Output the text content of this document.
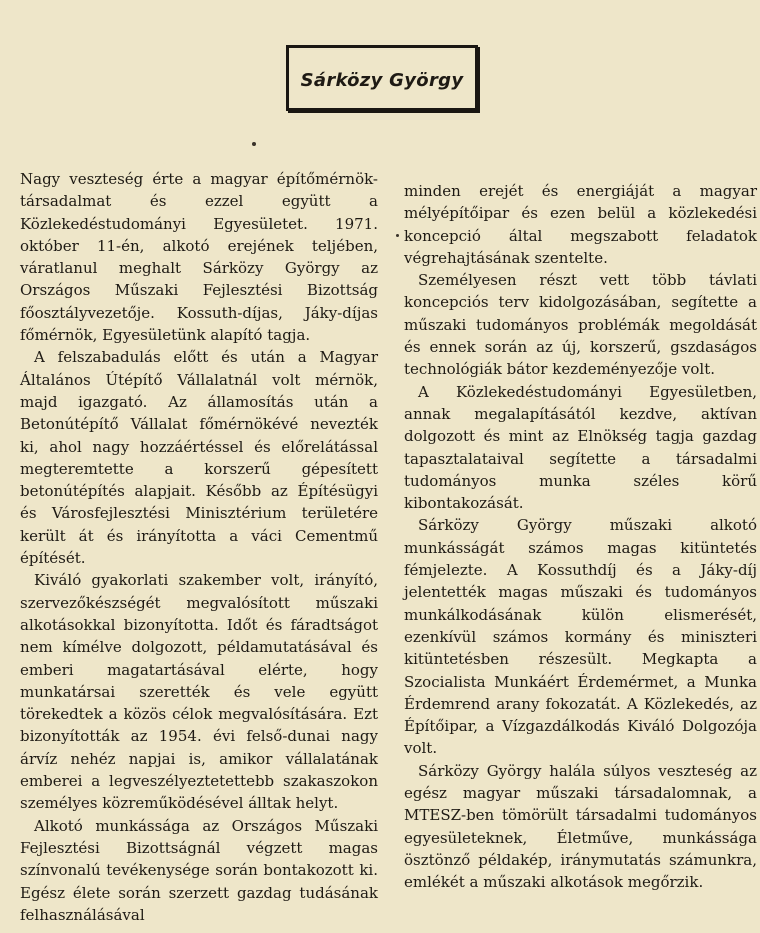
Sárközy György

Nagy veszteség érte a magyar építőmérnök-társadalmat és ezzel együtt a Közlekedéstudományi Egyesületet. 1971. október 11-én, alkotó erejének teljében, váratlanul meghalt Sárközy György az Országos Műszaki Fejlesztési Bizottság főosztályvezetője. Kossuth-díjas, Jáky-díjas főmérnök, Egyesületünk alapító tagja.

A felszabadulás előtt és után a Magyar Általános Útépítő Vállalatnál volt mérnök, majd igazgató. Az államosítás után a Betonútépítő Vállalat főmérnökévé nevezték ki, ahol nagy hozzáértéssel és előrelátással megteremtette a korszerű gépesített betonútépítés alapjait. Később az Építésügyi és Városfejlesztési Minisztérium területére került át és irányította a váci Cementmű építését.

Kiváló gyakorlati szakember volt, irányító, szervezőkészségét megvalósított műszaki alkotásokkal bizonyította. Időt és fáradtságot nem kímélve dolgozott, példamutatásával és emberi magatartásával elérte, hogy munkatársai szerették és vele együtt törekedtek a közös célok megvalósítására. Ezt bizonyították az 1954. évi felső-dunai nagy árvíz nehéz napjai is, amikor vállalatának emberei a legveszélyeztetettebb szakaszokon személyes közreműködésével álltak helyt.

Alkotó munkássága az Országos Műszaki Fejlesztési Bizottságnál végzett magas színvonalú tevékenysége során bontakozott ki. Egész élete során szerzett gazdag tudásának felhasználásával

minden erejét és energiáját a magyar mélyépítőipar és ezen belül a közlekedési koncepció által megszabott feladatok végrehajtásának szentelte.

Személyesen részt vett több távlati koncepciós terv kidolgozásában, segítette a műszaki tudományos problémák megoldását és ennek során az új, korszerű, gszdaságos technológiák bátor kezdeményezője volt.

A Közlekedéstudományi Egyesületben, annak megalapításától kezdve, aktívan dolgozott és mint az Elnökség tagja gazdag tapasztalataival segítette a társadalmi tudományos munka széles körű kibontakozását.

Sárközy György műszaki alkotó munkásságát számos magas kitüntetés fémjelezte. A Kossuthdíj és a Jáky-díj jelentették magas műszaki és tudományos munkálkodásának külön elismerését, ezenkívül számos kormány és miniszteri kitüntetésben részesült. Megkapta a Szocialista Munkáért Érdemérmet, a Munka Érdemrend arany fokozatát. A Közlekedés, az Építőipar, a Vízgazdálkodás Kiváló Dolgozója volt.

Sárközy György halála súlyos veszteség az egész magyar műszaki társadalomnak, a MTESZ-ben tömörült társadalmi tudományos egyesületeknek, Életműve, munkássága ösztönző példakép, iránymutatás számunkra, emlékét a műszaki alkotások megőrzik.
